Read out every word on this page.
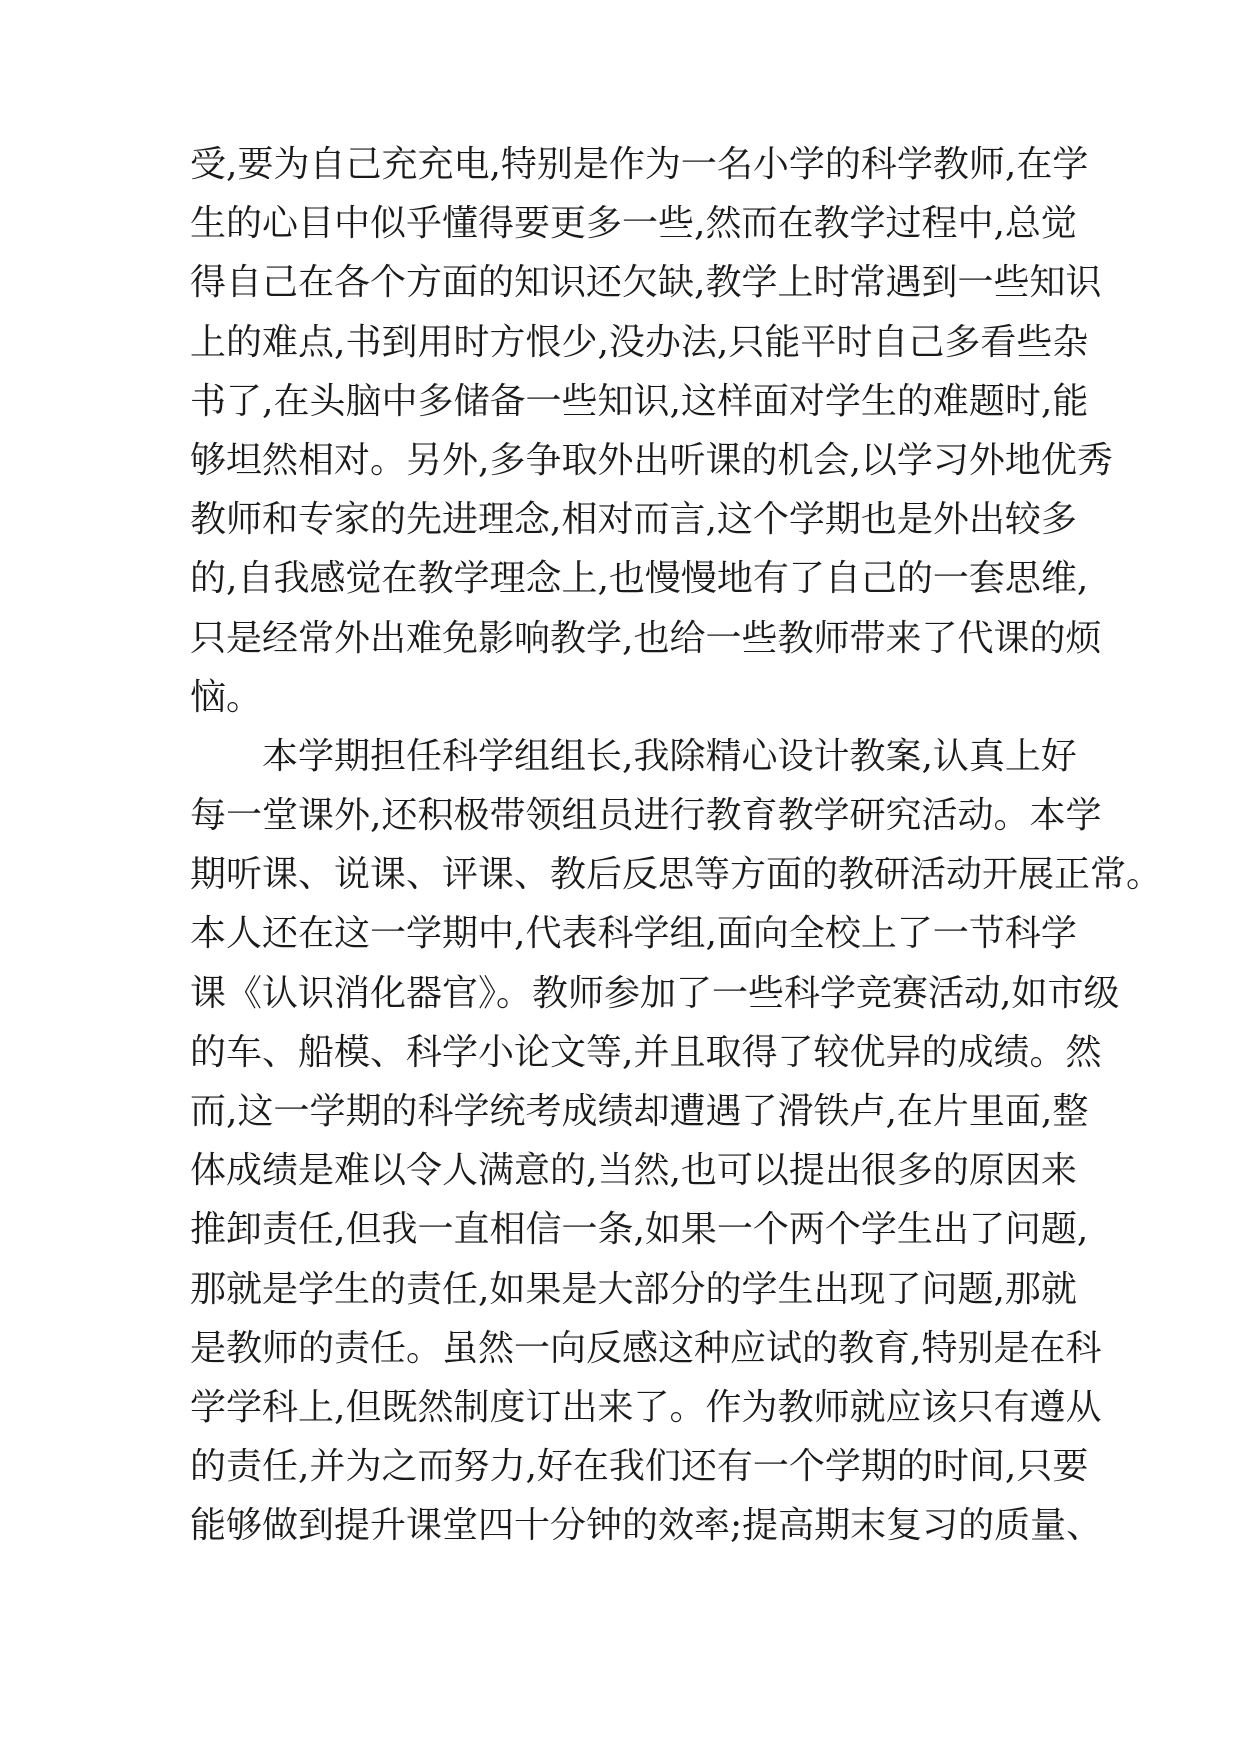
受,要为自己充充电,特别是作为一名小学的科学教师,在学
生的心目中似乎懂得要更多一些,然而在教学过程中,总觉
得自己在各个方面的知识还欠缺,教学上时常遇到一些知识
上的难点,书到用时方恨少,没办法,只能平时自己多看些杂
书了,在头脑中多储备一些知识,这样面对学生的难题时,能
够坦然相对。另外,多争取外出听课的机会,以学习外地优秀
教师和专家的先进理念,相对而言,这个学期也是外出较多
的,自我感觉在教学理念上,也慢慢地有了自己的一套思维,
只是经常外出难免影响教学,也给一些教师带来了代课的烦
恼。
本学期担任科学组组长,我除精心设计教案,认真上好
每一堂课外,还积极带领组员进行教育教学研究活动。本学
期听课、说课、评课、教后反思等方面的教研活动开展正常。
本人还在这一学期中,代表科学组,面向全校上了一节科学
课《认识消化器官》。教师参加了一些科学竞赛活动,如市级
的车、船模、科学小论文等,并且取得了较优异的成绩。然
而,这一学期的科学统考成绩却遭遇了滑铁卢,在片里面,整
体成绩是难以令人满意的,当然,也可以提出很多的原因来
推卸责任,但我一直相信一条,如果一个两个学生出了问题,
那就是学生的责任,如果是大部分的学生出现了问题,那就
是教师的责任。虽然一向反感这种应试的教育,特别是在科
学学科上,但既然制度订出来了。作为教师就应该只有遵从
的责任,并为之而努力,好在我们还有一个学期的时间,只要
能够做到提升课堂四十分钟的效率;提高期末复习的质量、
